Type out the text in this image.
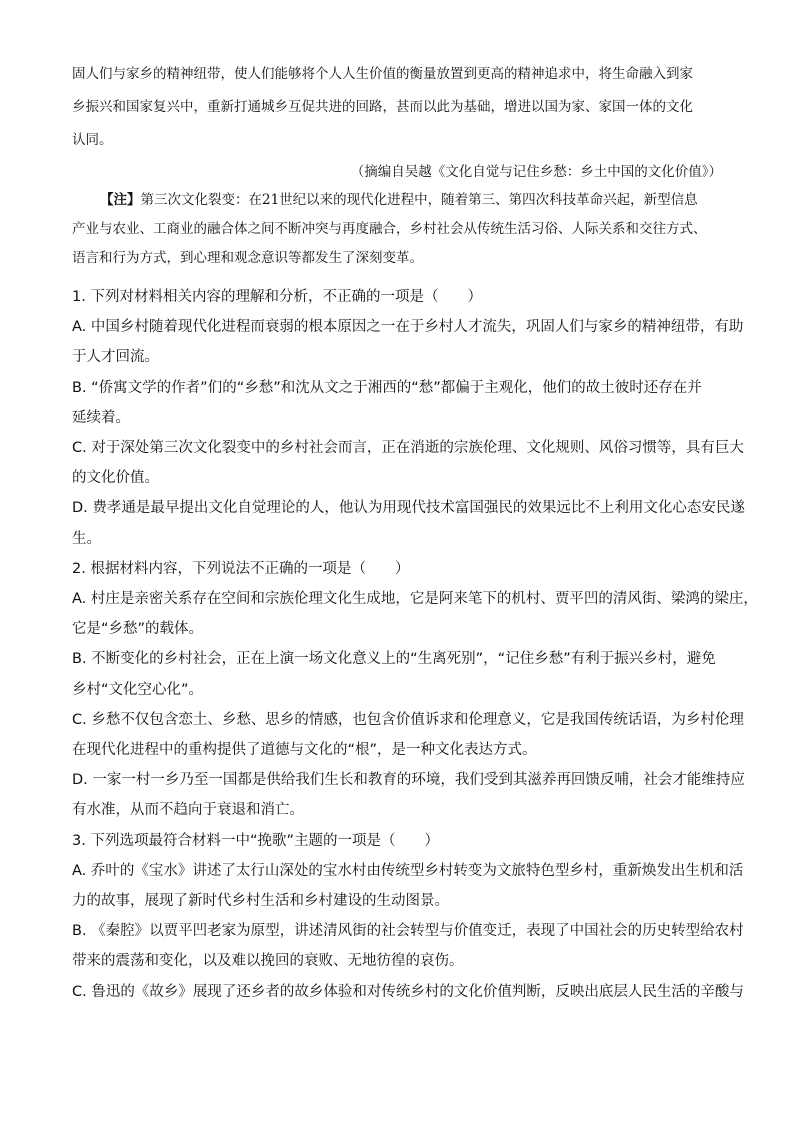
固人们与家乡的精神纽带，使人们能够将个人人生价值的衡量放置到更高的精神追求中，将生命融入到家
乡振兴和国家复兴中，重新打通城乡互促共进的回路，甚而以此为基础，增进以国为家、家国一体的文化
认同。
（摘编自吴越《文化自觉与记住乡愁：乡土中国的文化价值》）
【注】第三次文化裂变：在21世纪以来的现代化进程中，随着第三、第四次科技革命兴起，新型信息
产业与农业、工商业的融合体之间不断冲突与再度融合，乡村社会从传统生活习俗、人际关系和交往方式、
语言和行为方式，到心理和观念意识等都发生了深刻变革。
1. 下列对材料相关内容的理解和分析，不正确的一项是（　　）
A. 中国乡村随着现代化进程而衰弱的根本原因之一在于乡村人才流失，巩固人们与家乡的精神纽带，有助
于人才回流。
B. “侨寓文学的作者”们的“乡愁”和沈从文之于湘西的“愁”都偏于主观化，他们的故土彼时还存在并
延续着。
C. 对于深处第三次文化裂变中的乡村社会而言，正在消逝的宗族伦理、文化规则、风俗习惯等，具有巨大
的文化价值。
D. 费孝通是最早提出文化自觉理论的人，他认为用现代技术富国强民的效果远比不上利用文化心态安民遂
生。
2. 根据材料内容，下列说法不正确的一项是（　　）
A. 村庄是亲密关系存在空间和宗族伦理文化生成地，它是阿来笔下的机村、贾平凹的清风街、梁鸿的梁庄，
它是“乡愁”的载体。
B. 不断变化的乡村社会，正在上演一场文化意义上的“生离死别”，“记住乡愁”有利于振兴乡村，避免
乡村“文化空心化”。
C. 乡愁不仅包含恋土、乡愁、思乡的情感，也包含价值诉求和伦理意义，它是我国传统话语，为乡村伦理
在现代化进程中的重构提供了道德与文化的“根”，是一种文化表达方式。
D. 一家一村一乡乃至一国都是供给我们生长和教育的环境，我们受到其滋养再回馈反哺，社会才能维持应
有水准，从而不趋向于衰退和消亡。
3. 下列选项最符合材料一中“挽歌”主题的一项是（　　）
A. 乔叶的《宝水》讲述了太行山深处的宝水村由传统型乡村转变为文旅特色型乡村，重新焕发出生机和活
力的故事，展现了新时代乡村生活和乡村建设的生动图景。
B. 《秦腔》以贾平凹老家为原型，讲述清风街的社会转型与价值变迁，表现了中国社会的历史转型给农村
带来的震荡和变化，以及难以挽回的衰败、无地彷徨的哀伤。
C. 鲁迅的《故乡》展现了还乡者的故乡体验和对传统乡村的文化价值判断，反映出底层人民生活的辛酸与
